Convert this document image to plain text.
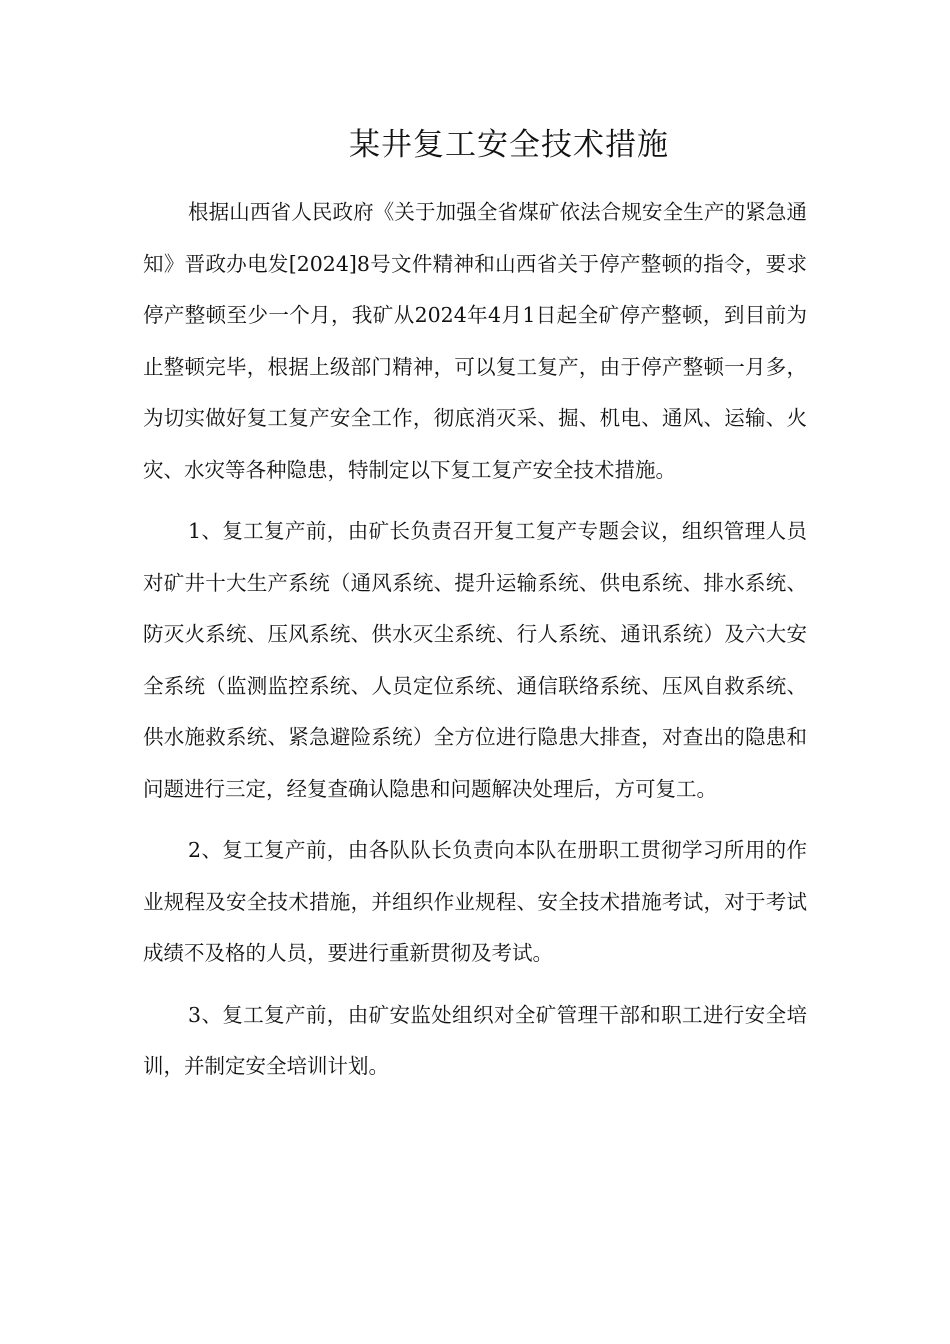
某井复工安全技术措施

根据山西省人民政府《关于加强全省煤矿依法合规安全生产的紧急通知》晋政办电发[2024]8号文件精神和山西省关于停产整顿的指令，要求停产整顿至少一个月，我矿从2024年4月1日起全矿停产整顿，到目前为止整顿完毕，根据上级部门精神，可以复工复产，由于停产整顿一月多，为切实做好复工复产安全工作，彻底消灭采、掘、机电、通风、运输、火灾、水灾等各种隐患，特制定以下复工复产安全技术措施。

1、复工复产前，由矿长负责召开复工复产专题会议，组织管理人员对矿井十大生产系统（通风系统、提升运输系统、供电系统、排水系统、防灭火系统、压风系统、供水灭尘系统、行人系统、通讯系统）及六大安全系统（监测监控系统、人员定位系统、通信联络系统、压风自救系统、供水施救系统、紧急避险系统）全方位进行隐患大排查，对查出的隐患和问题进行三定，经复查确认隐患和问题解决处理后，方可复工。

2、复工复产前，由各队队长负责向本队在册职工贯彻学习所用的作业规程及安全技术措施，并组织作业规程、安全技术措施考试，对于考试成绩不及格的人员，要进行重新贯彻及考试。

3、复工复产前，由矿安监处组织对全矿管理干部和职工进行安全培训，并制定安全培训计划。
